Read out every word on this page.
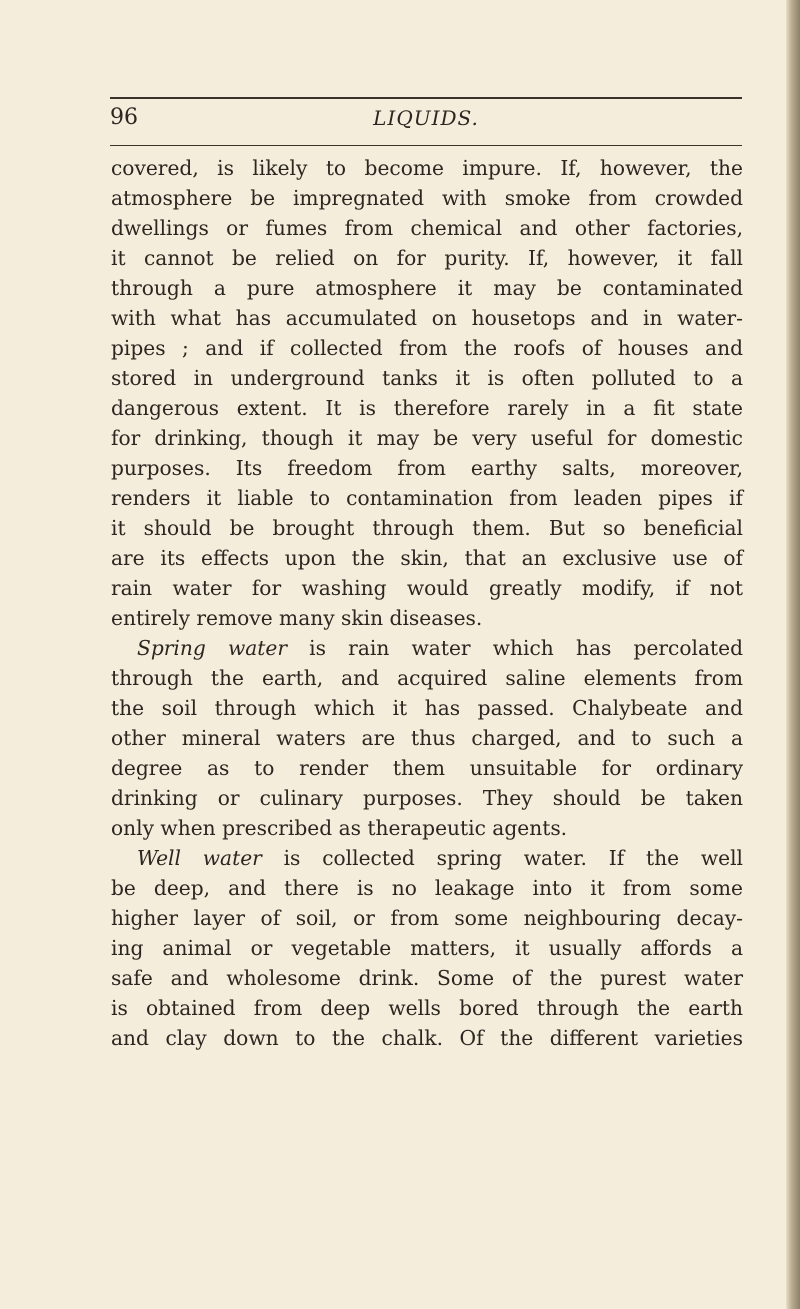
96	LIQUIDS.
covered, is likely to become impure. If, however, the
atmosphere be impregnated with smoke from crowded
dwellings or fumes from chemical and other factories,
it cannot be relied on for purity. If, however, it fall
through a pure atmosphere it may be contaminated
with what has accumulated on housetops and in water-
pipes ; and if collected from the roofs of houses and
stored in underground tanks it is often polluted to a
dangerous extent. It is therefore rarely in a fit state
for drinking, though it may be very useful for domestic
purposes. Its freedom from earthy salts, moreover,
renders it liable to contamination from leaden pipes if
it should be brought through them. But so beneficial
are its effects upon the skin, that an exclusive use of
rain water for washing would greatly modify, if not
entirely remove many skin diseases.
Spring water is rain water which has percolated
through the earth, and acquired saline elements from
the soil through which it has passed. Chalybeate and
other mineral waters are thus charged, and to such a
degree as to render them unsuitable for ordinary
drinking or culinary purposes. They should be taken
only when prescribed as therapeutic agents.
Well water is collected spring water. If the well
be deep, and there is no leakage into it from some
higher layer of soil, or from some neighbouring decay-
ing animal or vegetable matters, it usually affords a
safe and wholesome drink. Some of the purest water
is obtained from deep wells bored through the earth
and clay down to the chalk. Of the different varieties
